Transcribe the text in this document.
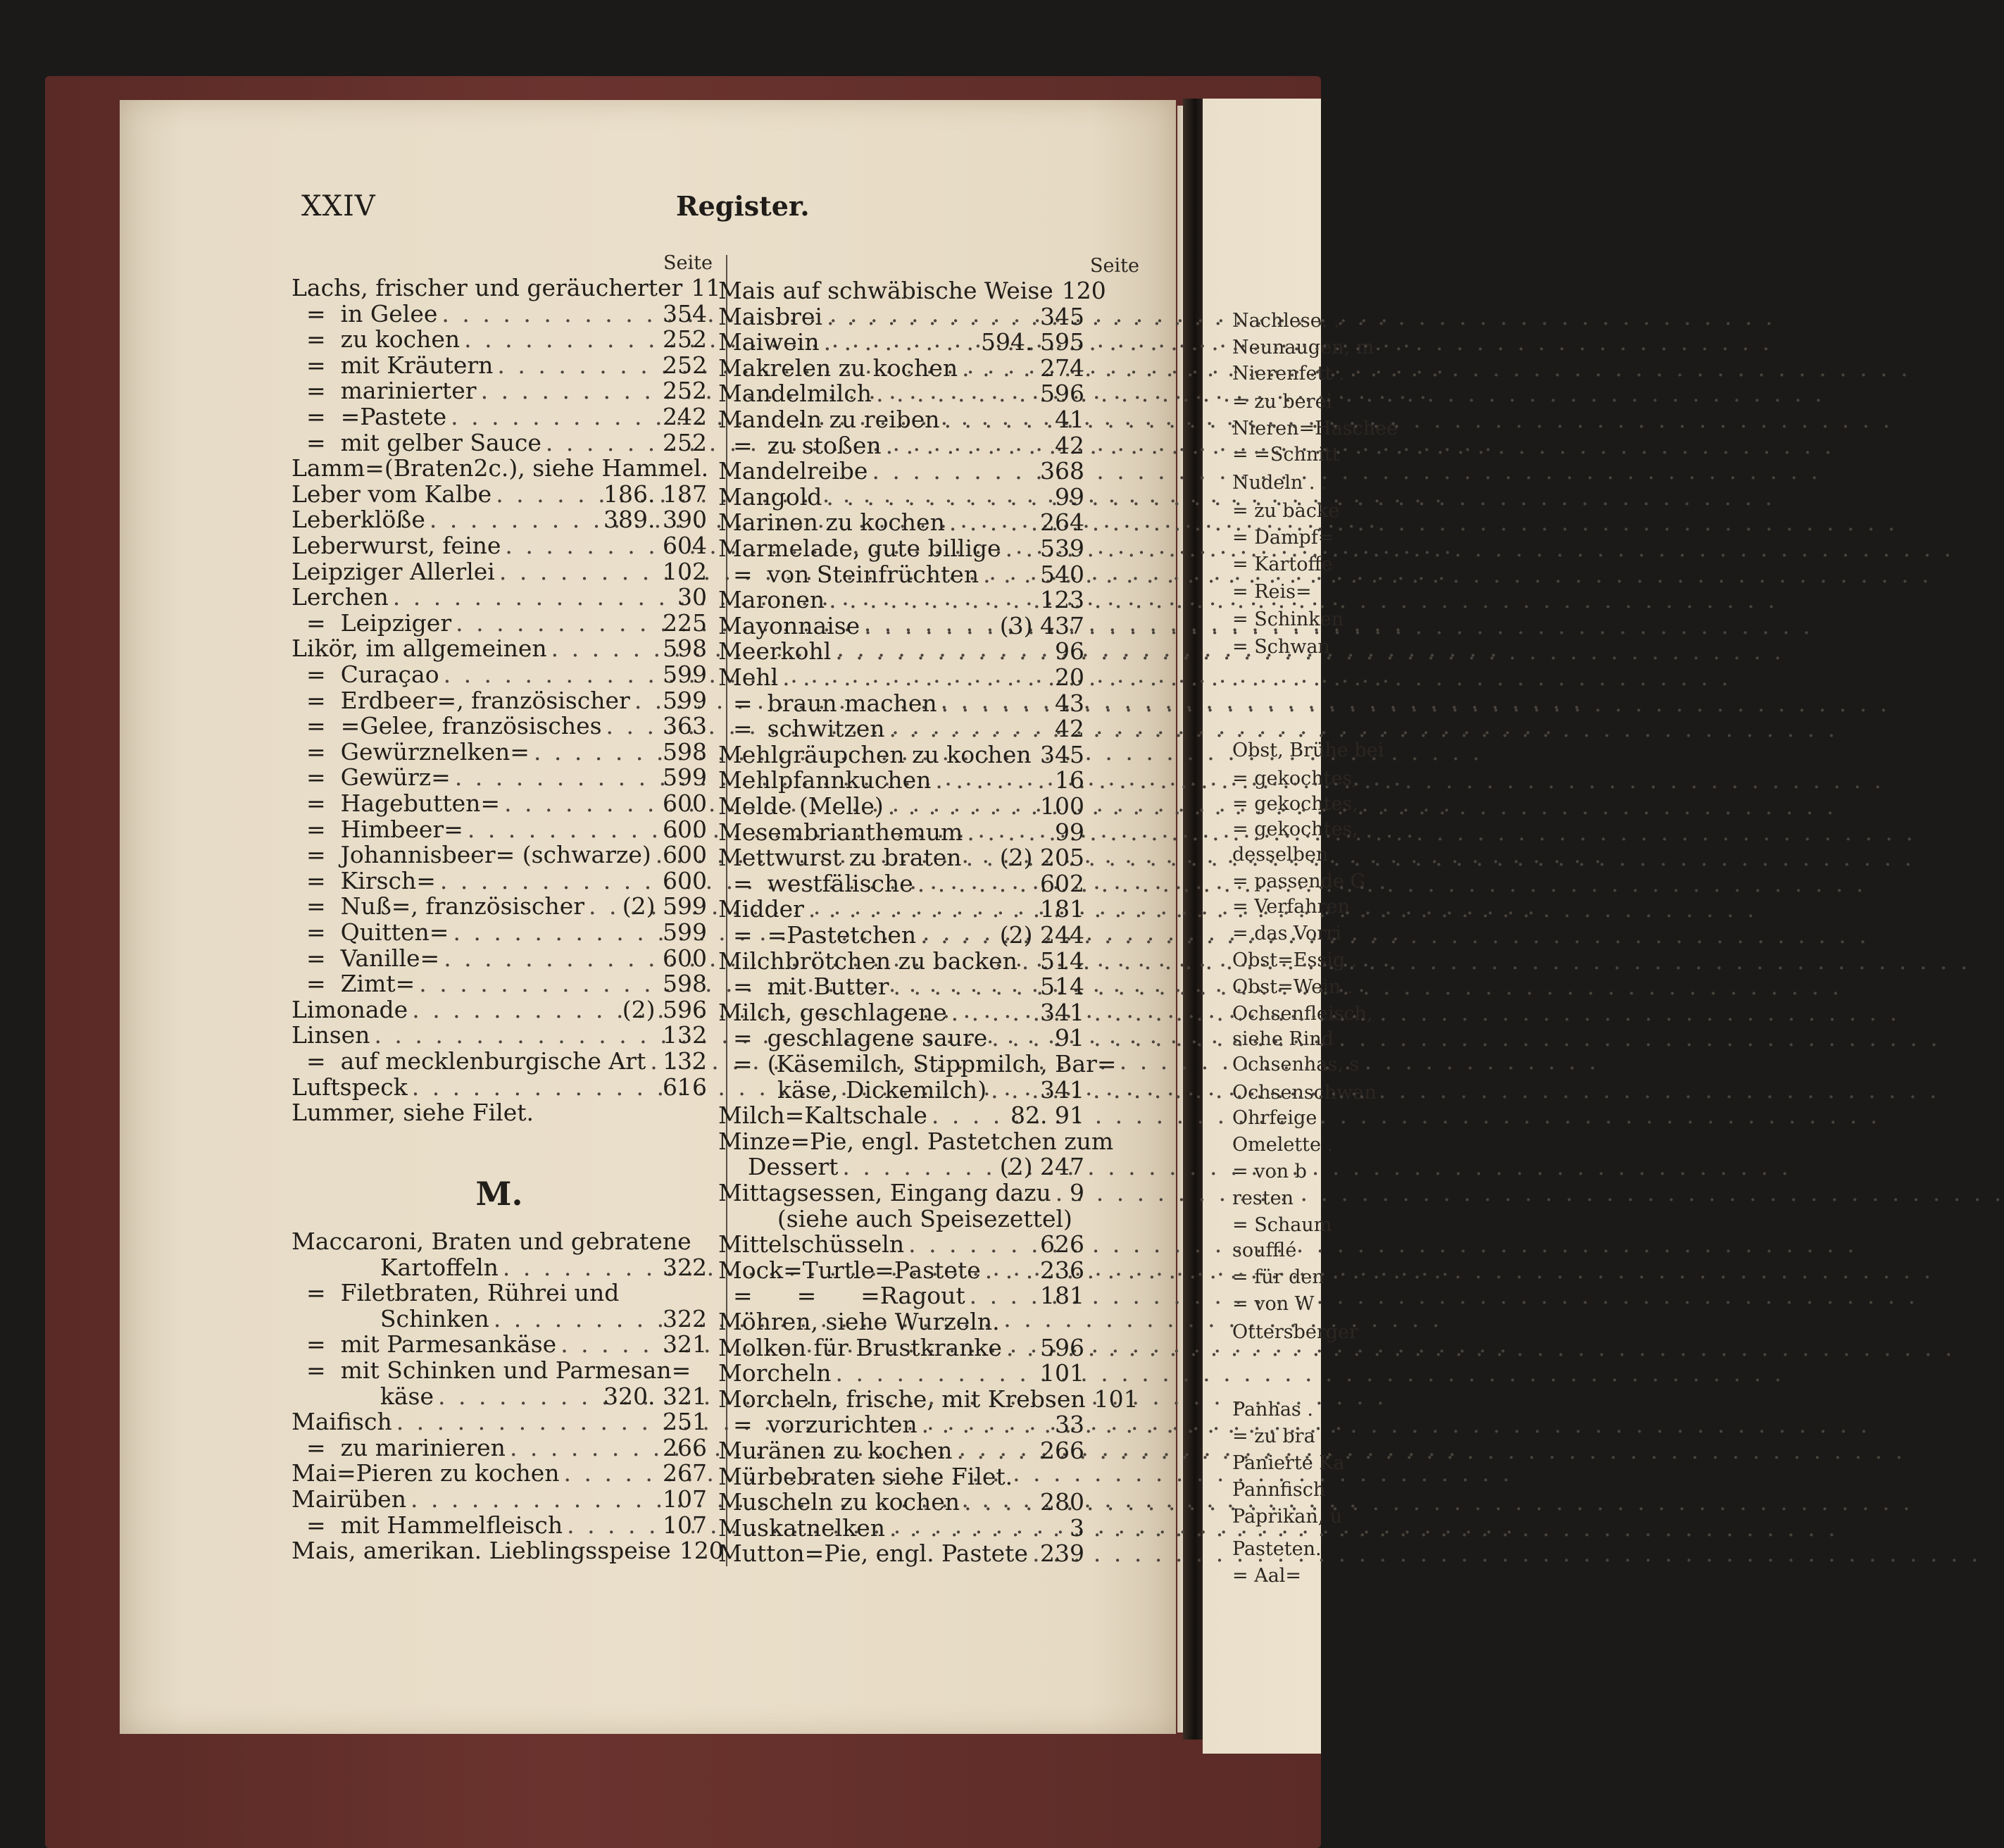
Nachlese. .
Neunaugen, m
Nierenfett .
= zu berei
Nieren=Haschee
= =Schnitt
Nudeln . .
= zu backe
= Dampf=
= Kartoffe
= Reis=
= Schinken
= Schwan
Obst, Brühe bei
= gekochtes,
= gekochtes,
= gekochtes,
desselben
= passende G
= Verfahren
= das Vorri
Obst=Essig .
Obst=Wein .
Ochsenfleisch,
siehe Rind
Ochsenhas, s
Ochsenschwan
Ohrfeige
Omelette .
= von b
resten
= Schaum
soufflé
= für den
= von W
Ottersberger
Panhas .
= zu bra
Panierte Ka
Pannfisch
Paprikan, u
Pasteten.
= Aal=
XXIV	Register.
Seite	Seite
Lachs, frischer und geräucherter 11
=  in Gelee . . .	354
=  zu kochen . . .	252
=  mit Kräutern . . .	252
=  marinierter . . .	252
=  =Pastete . . .	242
=  mit gelber Sauce . . .	252
Lamm=(Braten2c.), siehe Hammel.
Leber vom Kalbe . . .	186. 187
Leberklöße . . .	389. 390
Leberwurst, feine . . .	604
Leipziger Allerlei . . .	102
Lerchen . . .	30
=  Leipziger . . .	225
Likör, im allgemeinen . . .	598
=  Curaçao . . .	599
=  Erdbeer=, französischer . . . 599
=  =Gelee, französisches . . .	363
=  Gewürznelken= . . .	598
=  Gewürz= . . .	599
=  Hagebutten= . . .	600
=  Himbeer= . . .	600
=  Johannisbeer= (schwarze) . . . 600
=  Kirsch= . . .	600
=  Nuß=, französischer . . . (2) 599
=  Quitten= . . .	599
=  Vanille= . . .	600
=  Zimt= . . .	598
Limonade . . .	(2) 596
Linsen . . .	132
=  auf mecklenburgische Art . . . 132
Luftspeck . . .	616
Lummer, siehe Filet.
M.
Maccaroni, Braten und gebratene
Kartoffeln . . .	322
=  Filetbraten, Rührei und
Schinken . . .	322
=  mit Parmesankäse . . .	321
=  mit Schinken und Parmesan=
käse . . .	320. 321
Maifisch . . .	251
=  zu marinieren . . .	266
Mai=Pieren zu kochen . . .	267
Mairüben . . .	107
=  mit Hammelfleisch . . .	107
Mais, amerikan. Lieblingsspeise 120
Mais auf schwäbische Weise 120
Maisbrei . . .	345
Maiwein . . .	594. 595
Makrelen zu kochen . . .	274
Mandelmilch . . .	596
Mandeln zu reiben . . .	41
=  zu stoßen . . .	42
Mandelreibe . . .	368
Mangold . . .	99
Marinen zu kochen . . .	264
Marmelade, gute billige . . . 539
=  von Steinfrüchten . . .	540
Maronen . . .	123
Mayonnaise . . .	(3) 437
Meerkohl . . .	96
Mehl . . .	20
=  braun machen . . .	43
=  schwitzen . . .	42
Mehlgräupchen zu kochen . . . 345
Mehlpfannkuchen . . .	16
Melde (Melle) . . .	100
Mesembrianthemum . . .	99
Mettwurst zu braten . . . (2) 205
=  westfälische . . .	602
Midder . . .	181
=  =Pastetchen . . .	(2) 244
Milchbrötchen zu backen . . . 514
=  mit Butter . . .	514
Milch, geschlagene . . .	341
=  geschlagene saure . . .	91
=  (Käsemilch, Stippmilch, Bar=
käse, Dickemilch) . . . 341
Milch=Kaltschale . . .	82. 91
Minze=Pie, engl. Pastetchen zum
Dessert . . .	(2) 247
Mittagsessen, Eingang dazu . . . 9
(siehe auch Speisezettel)
Mittelschüsseln . . .	626
Mock=Turtle=Pastete . . .	236
=      =      =Ragout . . .	181
Möhren, siehe Wurzeln.
Molken für Brustkranke . . . 596
Morcheln . . .	101
Morcheln, frische, mit Krebsen 101
=  vorzurichten . . .	33
Muränen zu kochen . . .	266
Mürbebraten siehe Filet.
Muscheln zu kochen . . .	280
Muskatnelken . . .	3
Mutton=Pie, engl. Pastete . . . 239
